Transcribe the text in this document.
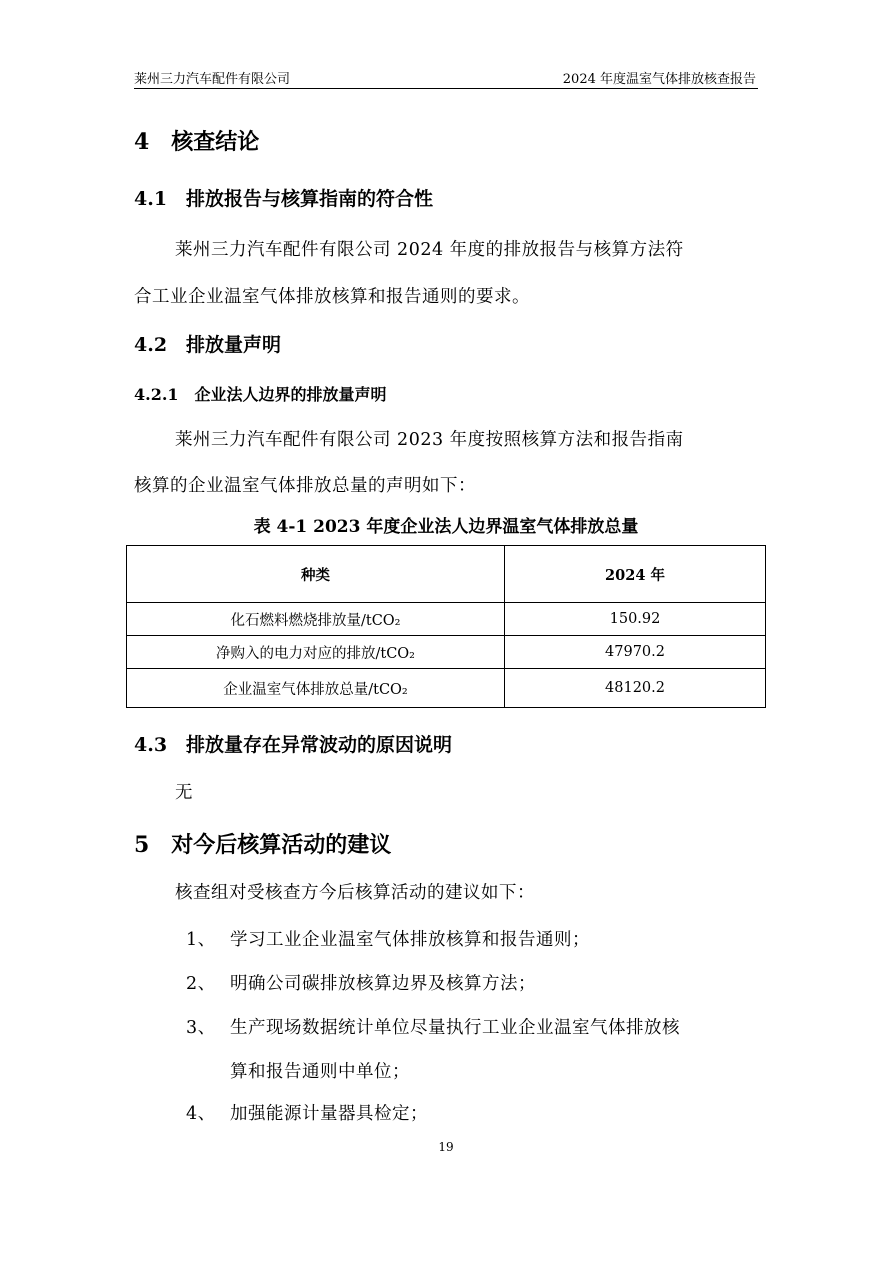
莱州三力汽车配件有限公司	2024 年度温室气体排放核查报告
4　核查结论
4.1　排放报告与核算指南的符合性
莱州三力汽车配件有限公司 2024 年度的排放报告与核算方法符
合工业企业温室气体排放核算和报告通则的要求。
4.2　排放量声明
4.2.1　企业法人边界的排放量声明
莱州三力汽车配件有限公司 2023 年度按照核算方法和报告指南
核算的企业温室气体排放总量的声明如下：
表 4-1 2023 年度企业法人边界温室气体排放总量
种类	2024 年
化石燃料燃烧排放量/tCO₂	150.92
净购入的电力对应的排放/tCO₂	47970.2
企业温室气体排放总量/tCO₂	48120.2
4.3　排放量存在异常波动的原因说明
无
5　对今后核算活动的建议
核查组对受核查方今后核算活动的建议如下：
1、 学习工业企业温室气体排放核算和报告通则；
2、 明确公司碳排放核算边界及核算方法；
3、 生产现场数据统计单位尽量执行工业企业温室气体排放核
算和报告通则中单位；
4、 加强能源计量器具检定；
19
